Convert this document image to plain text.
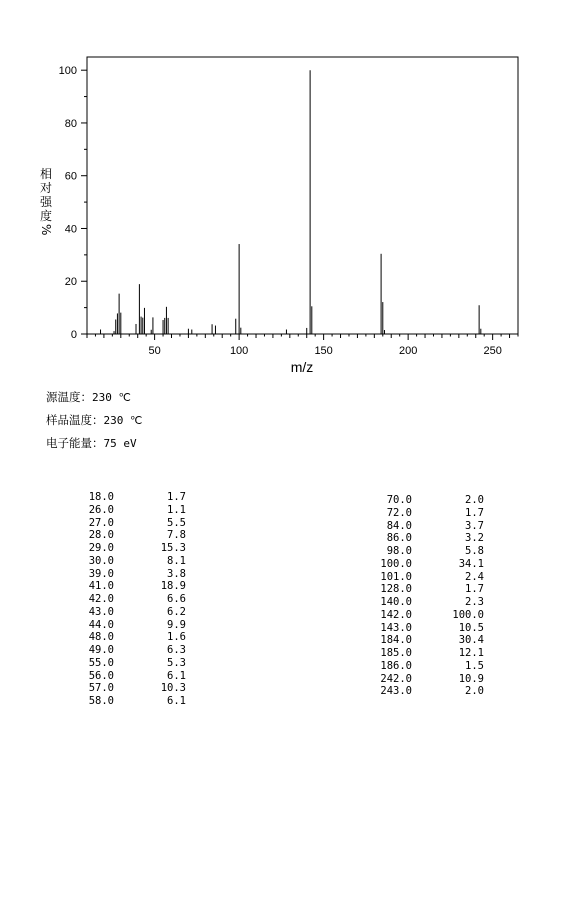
0
20
40
60
80
100
50	100	150	200	250
m/z
相
对
强
度
%
源温度：230 ℃
样品温度：230 ℃
电子能量：75 eV
18.0	1.7
26.0	1.1
27.0	5.5
28.0	7.8
29.0	15.3
30.0	8.1
39.0	3.8
41.0	18.9
42.0	6.6
43.0	6.2
44.0	9.9
48.0	1.6
49.0	6.3
55.0	5.3
56.0	6.1
57.0	10.3
58.0	6.1
70.0	2.0
72.0	1.7
84.0	3.7
86.0	3.2
98.0	5.8
100.0	34.1
101.0	2.4
128.0	1.7
140.0	2.3
142.0	100.0
143.0	10.5
184.0	30.4
185.0	12.1
186.0	1.5
242.0	10.9
243.0	2.0
